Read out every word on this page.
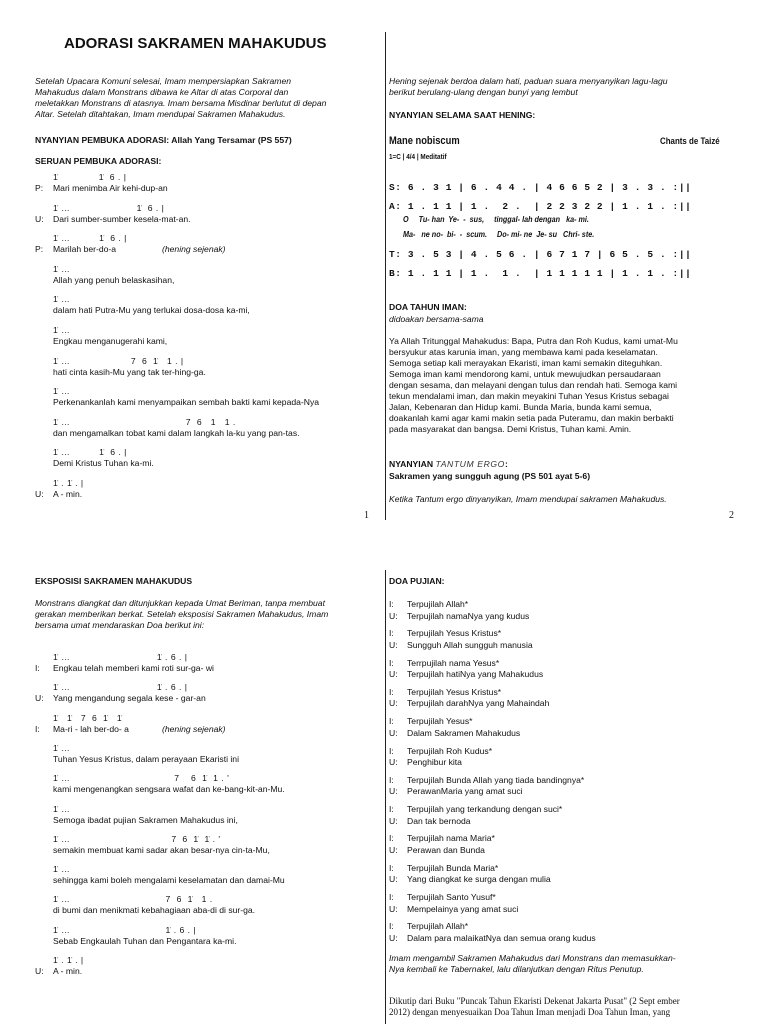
ADORASI SAKRAMEN MAHAKUDUS
Setelah Upacara Komuni selesai, Imam mempersiapkan Sakramen
Mahakudus dalam Monstrans dibawa ke Altar di atas Corporal dan
meletakkan Monstrans di atasnya. Imam bersama Misdinar berlutut di depan
Altar. Setelah ditahtakan, Imam mendupai Sakramen Mahakudus.
NYANYIAN PEMBUKA ADORASI: Allah Yang Tersamar (PS 557)
SERUAN PEMBUKA ADORASI:
1̇              1̇  6 . |
P: Mari menimba Air kehi-dup-an
1̇ …                       1̇  6 . |
U: Dari sumber-sumber kesela-mat-an.
1̇ …          1̇  6 . |
P: Marilah ber-do-a	(hening sejenak)
1̇ …
Allah yang penuh belaskasihan,
1̇ …
dalam hati Putra-Mu yang terlukai dosa-dosa ka-mi,
1̇ …
Engkau menganugerahi kami,
1̇ …                     7  6  1̇   1 . |
hati cinta kasih-Mu yang tak ter-hing-ga.
1̇ …
Perkenankanlah kami menyampaikan sembah bakti kami kepada-Nya
1̇ …                                        7  6   1   1 .
dan mengamalkan tobat kami dalam langkah la-ku yang pan-tas.
1̇ …          1̇  6 . |
Demi Kristus Tuhan ka-mi.
1̇ . 1̇ . |
U: A - min.
1
Hening sejenak berdoa dalam hati, paduan suara menyanyikan lagu-lagu
berikut berulang-ulang dengan bunyi yang lembut
NYANYIAN SELAMA SAAT HENING:
Mane nobiscum
1=C | 4/4 | Meditatif
Chants de Taizé
S: 6 . 3 1 | 6 . 4 4 . | 4 6 6 5 2 | 3 . 3 . :||
A: 1 . 1 1 | 1 .  2 .  | 2 2 3 2 2 | 1 . 1 . :||
O     Tu- han  Ye-  -  sus,     tinggal- lah dengan   ka- mi.
Ma-   ne no-  bi-  -  scum.     Do- mi- ne  Je- su   Chri- ste.
T: 3 . 5 3 | 4 . 5 6 . | 6 7 1 7 | 6 5 . 5 . :||
B: 1 . 1 1 | 1 .  1 .  | 1 1 1 1 1 | 1 . 1 . :||
DOA TAHUN IMAN:
didoakan bersama-sama
Ya Allah Tritunggal Mahakudus: Bapa, Putra dan Roh Kudus, kami umat-Mu
bersyukur atas karunia iman, yang membawa kami pada keselamatan.
Semoga setiap kali merayakan Ekaristi, iman kami semakin diteguhkan.
Semoga iman kami mendorong kami, untuk mewujudkan persaudaraan
dengan sesama, dan melayani dengan tulus dan rendah hati. Semoga kami
tekun mendalami iman, dan makin meyakini Tuhan Yesus Kristus sebagai
Jalan, Kebenaran dan Hidup kami. Bunda Maria, bunda kami semua,
doakanlah kami agar kami makin setia pada Puteramu, dan makin berbakti
pada masyarakat dan bangsa. Demi Kristus, Tuhan kami. Amin.
NYANYIAN TANTUM ERGO:
Sakramen yang sungguh agung (PS 501 ayat 5-6)
Ketika Tantum ergo dinyanyikan, Imam mendupai sakramen Mahakudus.
2
EKSPOSISI SAKRAMEN MAHAKUDUS
Monstrans diangkat dan ditunjukkan kepada Umat Beriman, tanpa membuat
gerakan memberikan berkat. Setelah eksposisi Sakramen Mahakudus, Imam
bersama umat mendaraskan Doa berikut ini:
1̇ …                              1̇ . 6 . |
I: Engkau telah memberi kami roti sur-ga- wi
1̇ …                              1̇ . 6 . |
U: Yang mengandung segala kese - gar-an
1̇   1̇   7  6  1̇   1̇
I: Ma-ri - lah ber-do- a	(hening sejenak)
1̇ …
Tuhan Yesus Kristus, dalam perayaan Ekaristi ini
1̇ …                                    7    6  1̇  1 . '
kami mengenangkan sengsara wafat dan ke-bang-kit-an-Mu.
1̇ …
Semoga ibadat pujian Sakramen Mahakudus ini,
1̇ …                                   7  6  1̇  1̇ . '
semakin membuat kami sadar akan besar-nya cin-ta-Mu,
1̇ …
sehingga kami boleh mengalami keselamatan dan damai-Mu
1̇ …                                 7  6  1̇   1 .
di bumi dan menikmati kebahagiaan aba-di di sur-ga.
1̇ …                                 1̇ . 6 . |
Sebab Engkaulah Tuhan dan Pengantara ka-mi.
1̇ . 1̇ . |
U: A - min.
DOA PUJIAN:
I: Terpujilah Allah*
U: Terpujilah namaNya yang kudus
I: Terpujilah Yesus Kristus*
U: Sungguh Allah sungguh manusia
I: Terrpujilah nama Yesus*
U: Terpujilah hatiNya yang Mahakudus
I: Terpujilah Yesus Kristus*
U: Terpujilah darahNya yang Mahaindah
I: Terpujilah Yesus*
U: Dalam Sakramen Mahakudus
I: Terpujilah Roh Kudus*
U: Penghibur kita
I: Terpujilah Bunda Allah yang tiada bandingnya*
U: PerawanMaria yang amat suci
I: Terpujilah yang terkandung dengan suci*
U: Dan tak bernoda
I: Terpujilah nama Maria*
U: Perawan dan Bunda
I: Terpujilah Bunda Maria*
U: Yang diangkat ke surga dengan mulia
I: Terpujilah Santo Yusuf*
U: Mempelainya yang amat suci
I: Terpujilah Allah*
U: Dalam para malaikatNya dan semua orang kudus
Imam mengambil Sakramen Mahakudus dari Monstrans dan memasukkan-
Nya kembali ke Tabernakel, lalu dilanjutkan dengan Ritus Penutup.
Dikutip dari Buku "Puncak Tahun Ekaristi Dekenat Jakarta Pusat" (2 Sept ember
2012) dengan menyesuaikan Doa Tahun Iman menjadi Doa Tahun Iman, yang
